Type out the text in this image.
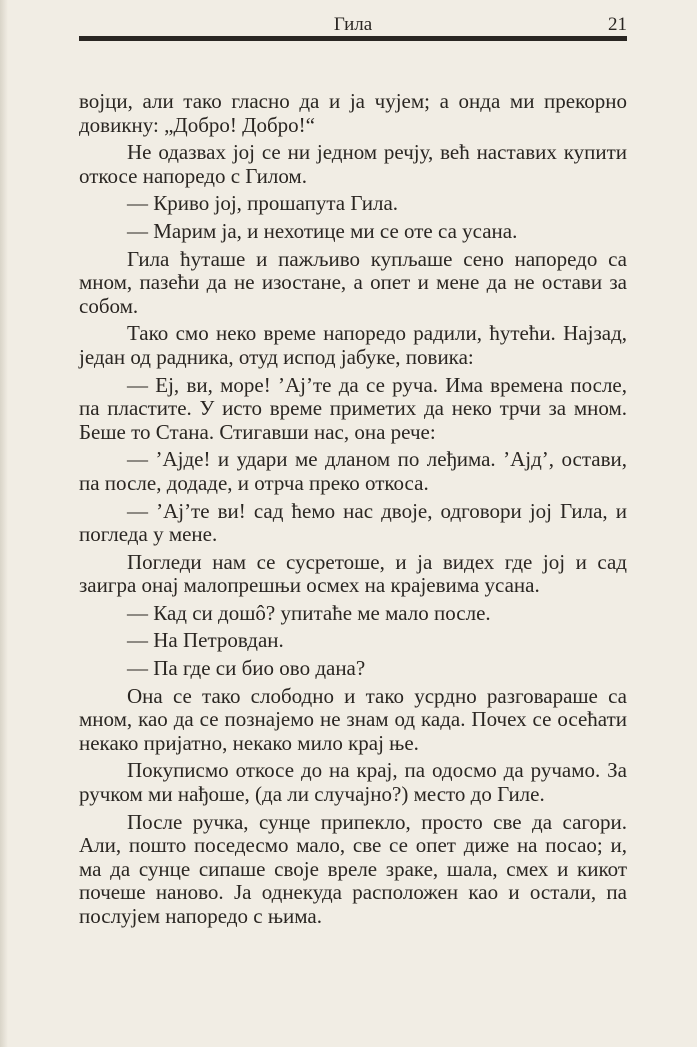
Гила	21

војци, али тако гласно да и ја чујем; а онда ми прекорно довикну: „Добро! Добро!“

Не одазвах јој се ни једном речју, већ наставих купити откосе напоредо с Гилом.

— Криво јој, прошапута Гила.

— Марим ја, и нехотице ми се оте са усана.

Гила ћуташе и пажљиво купљаше сено напоредо са мном, пазећи да не изостане, а опет и мене да не остави за собом.

Тако смо неко време напоредо радили, ћутећи. Најзад, један од радника, отуд испод јабуке, повика:

— Еј, ви, море! ’Ај’те да се руча. Има времена после, па пластите. У исто време приметих да неко трчи за мном. Беше то Стана. Стигавши нас, она рече:

— ’Ајде! и удари ме дланом по леђима. ’Ајд’, остави, па после, додаде, и отрча преко откоса.

— ’Ај’те ви! сад ћемо нас двоје, одговори јој Гила, и погледа у мене.

Погледи нам се сусретоше, и ја видех где јој и сад заигра онај малопрешњи осмех на крајевима усана.

— Кад си дошô? упитаће ме мало после.

— На Петровдан.

— Па где си био ово дана?

Она се тако слободно и тако усрдно разговараше са мном, као да се познајемо не знам од када. Почех се осећати некако пријатно, некако мило крај ње.

Покуписмо откосе до на крај, па одосмо да ручамо. За ручком ми нађоше, (да ли случајно?) место до Гиле.

После ручка, сунце припекло, просто све да сагори. Али, пошто поседесмо мало, све се опет диже на посао; и, ма да сунце сипаше своје врелe зраке, шала, смех и кикот почеше наново. Ја однекуда расположен као и остали, па послујем напоредо с њима.
